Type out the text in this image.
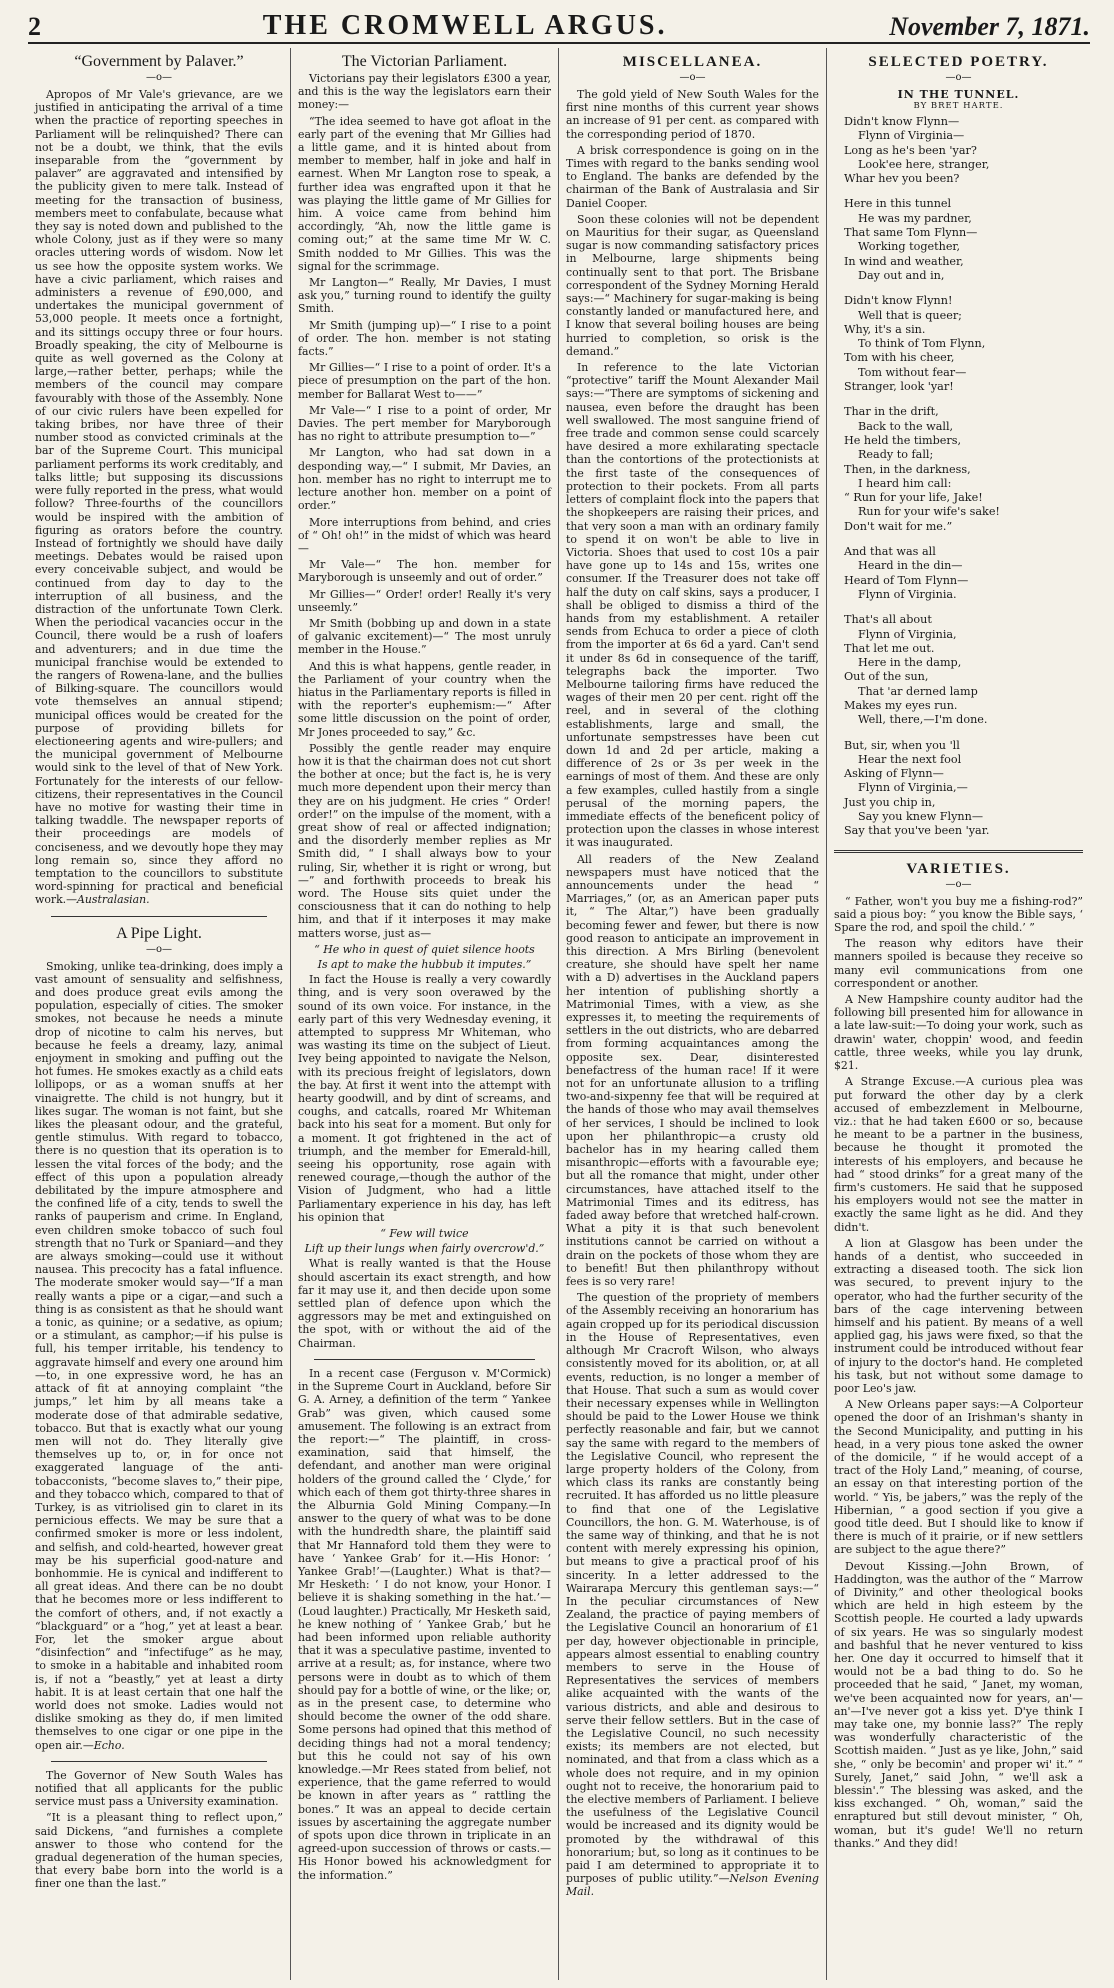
2	THE CROMWELL ARGUS.	November 7, 1871.
“Government by Palaver.”
—o—

Apropos of Mr Vale's grievance, are we justified in anticipating the arrival of a time when the practice of reporting speeches in Parliament will be relinquished? There can not be a doubt, we think, that the evils inseparable from the “government by palaver” are aggravated and intensified by the publicity given to mere talk. Instead of meeting for the transaction of business, members meet to confabulate, because what they say is noted down and published to the whole Colony, just as if they were so many oracles uttering words of wisdom. Now let us see how the opposite system works. We have a civic parliament, which raises and administers a revenue of £90,000, and undertakes the municipal government of 53,000 people. It meets once a fortnight, and its sittings occupy three or four hours. Broadly speaking, the city of Melbourne is quite as well governed as the Colony at large,—rather better, perhaps; while the members of the council may compare favourably with those of the Assembly. None of our civic rulers have been expelled for taking bribes, nor have three of their number stood as convicted criminals at the bar of the Supreme Court. This municipal parliament performs its work creditably, and talks little; but supposing its discussions were fully reported in the press, what would follow? Three-fourths of the councillors would be inspired with the ambition of figuring as orators before the country. Instead of fortnightly we should have daily meetings. Debates would be raised upon every conceivable subject, and would be continued from day to day to the interruption of all business, and the distraction of the unfortunate Town Clerk. When the periodical vacancies occur in the Council, there would be a rush of loafers and adventurers; and in due time the municipal franchise would be extended to the rangers of Rowena-lane, and the bullies of Bilking-square. The councillors would vote themselves an annual stipend; municipal offices would be created for the purpose of providing billets for electioneering agents and wire-pullers; and the municipal government of Melbourne would sink to the level of that of New York. Fortunately for the interests of our fellow-citizens, their representatives in the Council have no motive for wasting their time in talking twaddle. The newspaper reports of their proceedings are models of conciseness, and we devoutly hope they may long remain so, since they afford no temptation to the councillors to substitute word-spinning for practical and beneficial work.—Australasian.

A Pipe Light.
—o—

Smoking, unlike tea-drinking, does imply a vast amount of sensuality and selfishness, and does produce great evils among the population, especially of cities. The smoker smokes, not because he needs a minute drop of nicotine to calm his nerves, but because he feels a dreamy, lazy, animal enjoyment in smoking and puffing out the hot fumes. He smokes exactly as a child eats lollipops, or as a woman snuffs at her vinaigrette. The child is not hungry, but it likes sugar. The woman is not faint, but she likes the pleasant odour, and the grateful, gentle stimulus. With regard to tobacco, there is no question that its operation is to lessen the vital forces of the body; and the effect of this upon a population already debilitated by the impure atmosphere and the confined life of a city, tends to swell the ranks of pauperism and crime. In England, even children smoke tobacco of such foul strength that no Turk or Spaniard—and they are always smoking—could use it without nausea. This precocity has a fatal influence. The moderate smoker would say—“If a man really wants a pipe or a cigar,—and such a thing is as consistent as that he should want a tonic, as quinine; or a sedative, as opium; or a stimulant, as camphor;—if his pulse is full, his temper irritable, his tendency to aggravate himself and every one around him—to, in one expressive word, he has an attack of fit at annoying complaint “the jumps,” let him by all means take a moderate dose of that admirable sedative, tobacco. But that is exactly what our young men will not do. They literally give themselves up to, or, in for once not exaggerated language of the anti-tobacconists, “become slaves to,” their pipe, and they tobacco which, compared to that of Turkey, is as vitriolised gin to claret in its pernicious effects. We may be sure that a confirmed smoker is more or less indolent, and selfish, and cold-hearted, however great may be his superficial good-nature and bonhommie. He is cynical and indifferent to all great ideas. And there can be no doubt that he becomes more or less indifferent to the comfort of others, and, if not exactly a “blackguard” or a “hog,” yet at least a bear. For, let the smoker argue about “disinfection” and “infectifuge” as he may, to smoke in a habitable and inhabited room is, if not a “beastly,” yet at least a dirty habit. It is at least certain that one half the world does not smoke. Ladies would not dislike smoking as they do, if men limited themselves to one cigar or one pipe in the open air.—Echo.

The Governor of New South Wales has notified that all applicants for the public service must pass a University examination.

“It is a pleasant thing to reflect upon,” said Dickens, “and furnishes a complete answer to those who contend for the gradual degeneration of the human species, that every babe born into the world is a finer one than the last.”

The Victorian Parliament.

Victorians pay their legislators £300 a year, and this is the way the legislators earn their money:—

“The idea seemed to have got afloat in the early part of the evening that Mr Gillies had a little game, and it is hinted about from member to member, half in joke and half in earnest. When Mr Langton rose to speak, a further idea was engrafted upon it that he was playing the little game of Mr Gillies for him. A voice came from behind him accordingly, “Ah, now the little game is coming out;” at the same time Mr W. C. Smith nodded to Mr Gillies. This was the signal for the scrimmage.

Mr Langton—“ Really, Mr Davies, I must ask you,” turning round to identify the guilty Smith.

Mr Smith (jumping up)—“ I rise to a point of order. The hon. member is not stating facts.”

Mr Gillies—“ I rise to a point of order. It's a piece of presumption on the part of the hon. member for Ballarat West to——”

Mr Vale—“ I rise to a point of order, Mr Davies. The pert member for Maryborough has no right to attribute presumption to—”

Mr Langton, who had sat down in a desponding way,—“ I submit, Mr Davies, an hon. member has no right to interrupt me to lecture another hon. member on a point of order.”

More interruptions from behind, and cries of “ Oh! oh!” in the midst of which was heard—

Mr Vale—“ The hon. member for Maryborough is unseemly and out of order.”

Mr Gillies—“ Order! order! Really it's very unseemly.”

Mr Smith (bobbing up and down in a state of galvanic excitement)—“ The most unruly member in the House.”

And this is what happens, gentle reader, in the Parliament of your country when the hiatus in the Parliamentary reports is filled in with the reporter's euphemism:—“ After some little discussion on the point of order, Mr Jones proceeded to say,” &c.

Possibly the gentle reader may enquire how it is that the chairman does not cut short the bother at once; but the fact is, he is very much more dependent upon their mercy than they are on his judgment. He cries “ Order! order!” on the impulse of the moment, with a great show of real or affected indignation; and the disorderly member replies as Mr Smith did, “ I shall always bow to your ruling, Sir, whether it is right or wrong, but—” and forthwith proceeds to break his word. The House sits quiet under the consciousness that it can do nothing to help him, and that if it interposes it may make matters worse, just as—

“ He who in quest of quiet silence hoots
Is apt to make the hubbub it imputes.”

In fact the House is really a very cowardly thing, and is very soon overawed by the sound of its own voice. For instance, in the early part of this very Wednesday evening, it attempted to suppress Mr Whiteman, who was wasting its time on the subject of Lieut. Ivey being appointed to navigate the Nelson, with its precious freight of legislators, down the bay. At first it went into the attempt with hearty goodwill, and by dint of screams, and coughs, and catcalls, roared Mr Whiteman back into his seat for a moment. But only for a moment. It got frightened in the act of triumph, and the member for Emerald-hill, seeing his opportunity, rose again with renewed courage,—though the author of the Vision of Judgment, who had a little Parliamentary experience in his day, has left his opinion that

“ Few will twice
Lift up their lungs when fairly overcrow'd.”

What is really wanted is that the House should ascertain its exact strength, and how far it may use it, and then decide upon some settled plan of defence upon which the aggressors may be met and extinguished on the spot, with or without the aid of the Chairman.

In a recent case (Ferguson v. M'Cormick) in the Supreme Court in Auckland, before Sir G. A. Arney, a definition of the term “ Yankee Grab” was given, which caused some amusement. The following is an extract from the report:—“ The plaintiff, in cross-examination, said that himself, the defendant, and another man were original holders of the ground called the ‘ Clyde,’ for which each of them got thirty-three shares in the Alburnia Gold Mining Company.—In answer to the query of what was to be done with the hundredth share, the plaintiff said that Mr Hannaford told them they were to have ‘ Yankee Grab’ for it.—His Honor: ‘ Yankee Grab!’—(Laughter.) What is that?—Mr Hesketh: ‘ I do not know, your Honor. I believe it is shaking something in the hat.’—(Loud laughter.) Practically, Mr Hesketh said, he knew nothing of ‘ Yankee Grab,’ but he had been informed upon reliable authority that it was a speculative pastime, invented to arrive at a result; as, for instance, where two persons were in doubt as to which of them should pay for a bottle of wine, or the like; or, as in the present case, to determine who should become the owner of the odd share. Some persons had opined that this method of deciding things had not a moral tendency; but this he could not say of his own knowledge.—Mr Rees stated from belief, not experience, that the game referred to would be known in after years as “ rattling the bones.” It was an appeal to decide certain issues by ascertaining the aggregate number of spots upon dice thrown in triplicate in an agreed-upon succession of throws or casts.—His Honor bowed his acknowledgment for the information.”

MISCELLANEA.
—o—

The gold yield of New South Wales for the first nine months of this current year shows an increase of 91 per cent. as compared with the corresponding period of 1870.

A brisk correspondence is going on in the Times with regard to the banks sending wool to England. The banks are defended by the chairman of the Bank of Australasia and Sir Daniel Cooper.

Soon these colonies will not be dependent on Mauritius for their sugar, as Queensland sugar is now commanding satisfactory prices in Melbourne, large shipments being continually sent to that port. The Brisbane correspondent of the Sydney Morning Herald says:—“ Machinery for sugar-making is being constantly landed or manufactured here, and I know that several boiling houses are being hurried to completion, so orisk is the demand.”

In reference to the late Victorian “protective” tariff the Mount Alexander Mail says:—“There are symptoms of sickening and nausea, even before the draught has been well swallowed. The most sanguine friend of free trade and common sense could scarcely have desired a more exhilarating spectacle than the contortions of the protectionists at the first taste of the consequences of protection to their pockets. From all parts letters of complaint flock into the papers that the shopkeepers are raising their prices, and that very soon a man with an ordinary family to spend it on won't be able to live in Victoria. Shoes that used to cost 10s a pair have gone up to 14s and 15s, writes one consumer. If the Treasurer does not take off half the duty on calf skins, says a producer, I shall be obliged to dismiss a third of the hands from my establishment. A retailer sends from Echuca to order a piece of cloth from the importer at 6s 6d a yard. Can't send it under 8s 6d in consequence of the tariff, telegraphs back the importer. Two Melbourne tailoring firms have reduced the wages of their men 20 per cent. right off the reel, and in several of the clothing establishments, large and small, the unfortunate sempstresses have been cut down 1d and 2d per article, making a difference of 2s or 3s per week in the earnings of most of them. And these are only a few examples, culled hastily from a single perusal of the morning papers, the immediate effects of the beneficent policy of protection upon the classes in whose interest it was inaugurated.

All readers of the New Zealand newspapers must have noticed that the announcements under the head “ Marriages,” (or, as an American paper puts it, “ The Altar,”) have been gradually becoming fewer and fewer, but there is now good reason to anticipate an improvement in this direction. A Mrs Birling (benevolent creature, she should have spelt her name with a D) advertises in the Auckland papers her intention of publishing shortly a Matrimonial Times, with a view, as she expresses it, to meeting the requirements of settlers in the out districts, who are debarred from forming acquaintances among the opposite sex. Dear, disinterested benefactress of the human race! If it were not for an unfortunate allusion to a trifling two-and-sixpenny fee that will be required at the hands of those who may avail themselves of her services, I should be inclined to look upon her philanthropic—a crusty old bachelor has in my hearing called them misanthropic—efforts with a favourable eye; but all the romance that might, under other circumstances, have attached itself to the Matrimonial Times and its editress, has faded away before that wretched half-crown. What a pity it is that such benevolent institutions cannot be carried on without a drain on the pockets of those whom they are to benefit! But then philanthropy without fees is so very rare!

The question of the propriety of members of the Assembly receiving an honorarium has again cropped up for its periodical discussion in the House of Representatives, even although Mr Cracroft Wilson, who always consistently moved for its abolition, or, at all events, reduction, is no longer a member of that House. That such a sum as would cover their necessary expenses while in Wellington should be paid to the Lower House we think perfectly reasonable and fair, but we cannot say the same with regard to the members of the Legislative Council, who represent the large property holders of the Colony, from which class its ranks are constantly being recruited. It has afforded us no little pleasure to find that one of the Legislative Councillors, the hon. G. M. Waterhouse, is of the same way of thinking, and that he is not content with merely expressing his opinion, but means to give a practical proof of his sincerity. In a letter addressed to the Wairarapa Mercury this gentleman says:—“ In the peculiar circumstances of New Zealand, the practice of paying members of the Legislative Council an honorarium of £1 per day, however objectionable in principle, appears almost essential to enabling country members to serve in the House of Representatives the services of members alike acquainted with the wants of the various districts, and able and desirous to serve their fellow settlers. But in the case of the Legislative Council, no such necessity exists; its members are not elected, but nominated, and that from a class which as a whole does not require, and in my opinion ought not to receive, the honorarium paid to the elective members of Parliament. I believe the usefulness of the Legislative Council would be increased and its dignity would be promoted by the withdrawal of this honorarium; but, so long as it continues to be paid I am determined to appropriate it to purposes of public utility.”—Nelson Evening Mail.

SELECTED POETRY.
—o—
IN THE TUNNEL.
BY BRET HARTE.
Didn't know Flynn—
Flynn of Virginia—
Long as he's been 'yar?
Look'ee here, stranger,
Whar hev you been?
Here in this tunnel
He was my pardner,
That same Tom Flynn—
Working together,
In wind and weather,
Day out and in,
Didn't know Flynn!
Well that is queer;
Why, it's a sin.
To think of Tom Flynn,
Tom with his cheer,
Tom without fear—
Stranger, look 'yar!
Thar in the drift,
Back to the wall,
He held the timbers,
Ready to fall;
Then, in the darkness,
I heard him call:
“ Run for your life, Jake!
Run for your wife's sake!
Don't wait for me.”
And that was all
Heard in the din—
Heard of Tom Flynn—
Flynn of Virginia.
That's all about
Flynn of Virginia,
That let me out.
Here in the damp,
Out of the sun,
That 'ar derned lamp
Makes my eyes run.
Well, there,—I'm done.
But, sir, when you 'll
Hear the next fool
Asking of Flynn—
Flynn of Virginia,—
Just you chip in,
Say you knew Flynn—
Say that you've been 'yar.
VARIETIES.
—o—

“ Father, won't you buy me a fishing-rod?” said a pious boy: “ you know the Bible says, ‘ Spare the rod, and spoil the child.’ ”

The reason why editors have their manners spoiled is because they receive so many evil communications from one correspondent or another.

A New Hampshire county auditor had the following bill presented him for allowance in a late law-suit:—To doing your work, such as drawin' water, choppin' wood, and feedin cattle, three weeks, while you lay drunk, $21.

A Strange Excuse.—A curious plea was put forward the other day by a clerk accused of embezzlement in Melbourne, viz.: that he had taken £600 or so, because he meant to be a partner in the business, because he thought it promoted the interests of his employers, and because he had “ stood drinks” for a great many of the firm's customers. He said that he supposed his employers would not see the matter in exactly the same light as he did. And they didn't.

A lion at Glasgow has been under the hands of a dentist, who succeeded in extracting a diseased tooth. The sick lion was secured, to prevent injury to the operator, who had the further security of the bars of the cage intervening between himself and his patient. By means of a well applied gag, his jaws were fixed, so that the instrument could be introduced without fear of injury to the doctor's hand. He completed his task, but not without some damage to poor Leo's jaw.

A New Orleans paper says:—A Colporteur opened the door of an Irishman's shanty in the Second Municipality, and putting in his head, in a very pious tone asked the owner of the domicile, “ if he would accept of a tract of the Holy Land,” meaning, of course, an essay on that interesting portion of the world. “ Yis, be jabers,” was the reply of the Hibernian, “ a good section if you give a good title deed. But I should like to know if there is much of it prairie, or if new settlers are subject to the ague there?”

Devout Kissing.—John Brown, of Haddington, was the author of the “ Marrow of Divinity,” and other theological books which are held in high esteem by the Scottish people. He courted a lady upwards of six years. He was so singularly modest and bashful that he never ventured to kiss her. One day it occurred to himself that it would not be a bad thing to do. So he proceeded that he said, “ Janet, my woman, we've been acquainted now for years, an'—an'—I've never got a kiss yet. D'ye think I may take one, my bonnie lass?” The reply was wonderfully characteristic of the Scottish maiden. “ Just as ye like, John,” said she, “ only be becomin' and proper wi' it.” “ Surely, Janet,” said John, “ we'll ask a blessin'.” The blessing was asked, and the kiss exchanged. “ Oh, woman,” said the enraptured but still devout minister, “ Oh, woman, but it's gude! We'll no return thanks.” And they did!
